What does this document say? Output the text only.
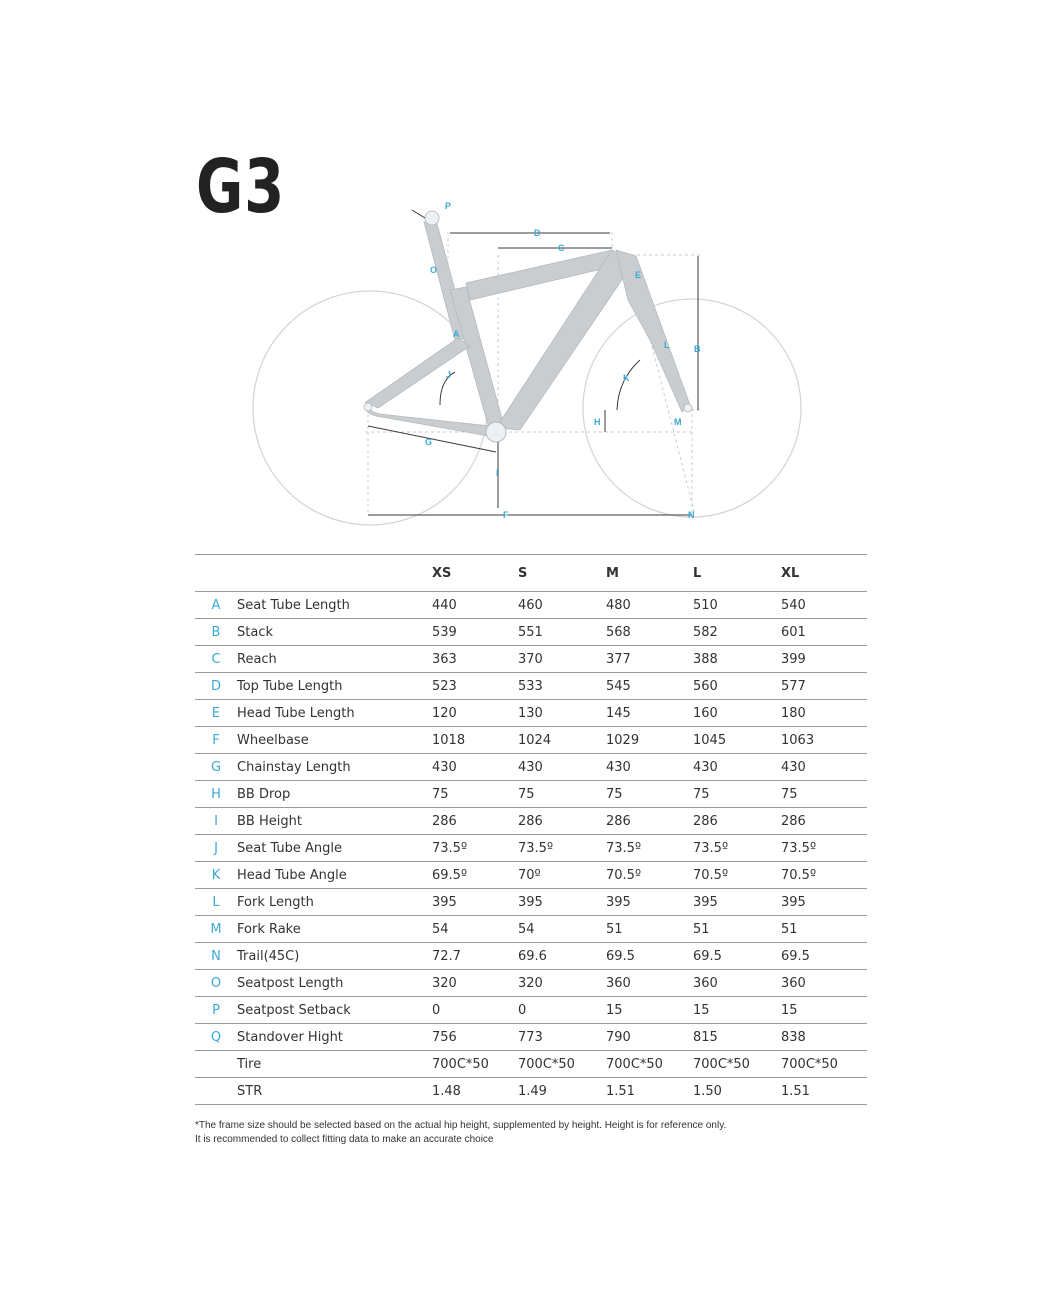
G3	P
D
C
E
O
B
A
L
J	K
H	M
G
I
F	N
		XS	S	M	L	XL
A	Seat Tube Length	440	460	480	510	540
B	Stack	539	551	568	582	601
C	Reach	363	370	377	388	399
D	Top Tube Length	523	533	545	560	577
E	Head Tube Length	120	130	145	160	180
F	Wheelbase	1018	1024	1029	1045	1063
G	Chainstay Length	430	430	430	430	430
H	BB Drop	75	75	75	75	75
I	BB Height	286	286	286	286	286
J	Seat Tube Angle	73.5º	73.5º	73.5º	73.5º	73.5º
K	Head Tube Angle	69.5º	70º	70.5º	70.5º	70.5º
L	Fork Length	395	395	395	395	395
M	Fork Rake	54	54	51	51	51
N	Trail(45C)	72.7	69.6	69.5	69.5	69.5
O	Seatpost Length	320	320	360	360	360
P	Seatpost Setback	0	0	15	15	15
Q	Standover Hight	756	773	790	815	838
	Tire	700C*50	700C*50	700C*50	700C*50	700C*50
	STR	1.48	1.49	1.51	1.50	1.51
*The frame size should be selected based on the actual hip height, supplemented by height. Height is for reference only.
It is recommended to collect fitting data to make an accurate choice
